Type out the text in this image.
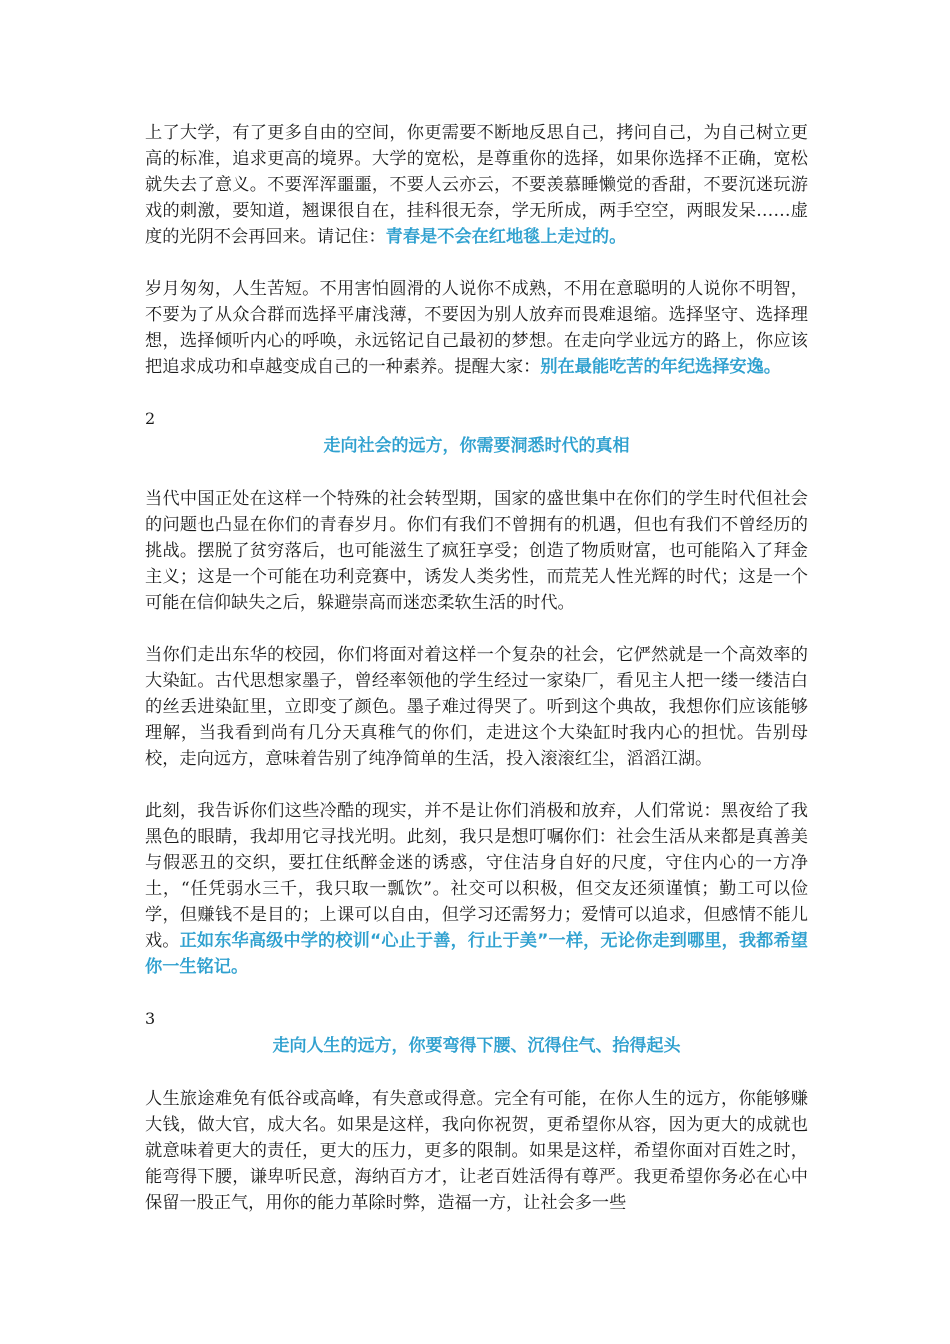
上了大学，有了更多自由的空间，你更需要不断地反思自己，拷问自己，为自己树立更高的标准，追求更高的境界。大学的宽松，是尊重你的选择，如果你选择不正确，宽松就失去了意义。不要浑浑噩噩，不要人云亦云，不要羡慕睡懒觉的香甜，不要沉迷玩游戏的刺激，要知道，翘课很自在，挂科很无奈，学无所成，两手空空，两眼发呆……虚度的光阴不会再回来。请记住：青春是不会在红地毯上走过的。

岁月匆匆，人生苦短。不用害怕圆滑的人说你不成熟，不用在意聪明的人说你不明智，不要为了从众合群而选择平庸浅薄，不要因为别人放弃而畏难退缩。选择坚守、选择理想，选择倾听内心的呼唤，永远铭记自己最初的梦想。在走向学业远方的路上，你应该把追求成功和卓越变成自己的一种素养。提醒大家：别在最能吃苦的年纪选择安逸。

2

走向社会的远方，你需要洞悉时代的真相

当代中国正处在这样一个特殊的社会转型期，国家的盛世集中在你们的学生时代但社会的问题也凸显在你们的青春岁月。你们有我们不曾拥有的机遇，但也有我们不曾经历的挑战。摆脱了贫穷落后，也可能滋生了疯狂享受；创造了物质财富，也可能陷入了拜金主义；这是一个可能在功利竞赛中，诱发人类劣性，而荒芜人性光辉的时代；这是一个可能在信仰缺失之后，躲避崇高而迷恋柔软生活的时代。

当你们走出东华的校园，你们将面对着这样一个复杂的社会，它俨然就是一个高效率的大染缸。古代思想家墨子，曾经率领他的学生经过一家染厂，看见主人把一缕一缕洁白的丝丢进染缸里，立即变了颜色。墨子难过得哭了。听到这个典故，我想你们应该能够理解，当我看到尚有几分天真稚气的你们，走进这个大染缸时我内心的担忧。告别母校，走向远方，意味着告别了纯净简单的生活，投入滚滚红尘，滔滔江湖。

此刻，我告诉你们这些冷酷的现实，并不是让你们消极和放弃，人们常说：黑夜给了我黑色的眼睛，我却用它寻找光明。此刻，我只是想叮嘱你们：社会生活从来都是真善美与假恶丑的交织，要扛住纸醉金迷的诱惑，守住洁身自好的尺度，守住内心的一方净土，“任凭弱水三千，我只取一瓢饮”。社交可以积极，但交友还须谨慎；勤工可以俭学，但赚钱不是目的；上课可以自由，但学习还需努力；爱情可以追求，但感情不能儿戏。正如东华高级中学的校训“心止于善，行止于美”一样，无论你走到哪里，我都希望你一生铭记。

3

走向人生的远方，你要弯得下腰、沉得住气、抬得起头

人生旅途难免有低谷或高峰，有失意或得意。完全有可能，在你人生的远方，你能够赚大钱，做大官，成大名。如果是这样，我向你祝贺，更希望你从容，因为更大的成就也就意味着更大的责任，更大的压力，更多的限制。如果是这样，希望你面对百姓之时，能弯得下腰，谦卑听民意，海纳百方才，让老百姓活得有尊严。我更希望你务必在心中保留一股正气，用你的能力革除时弊，造福一方，让社会多一些
